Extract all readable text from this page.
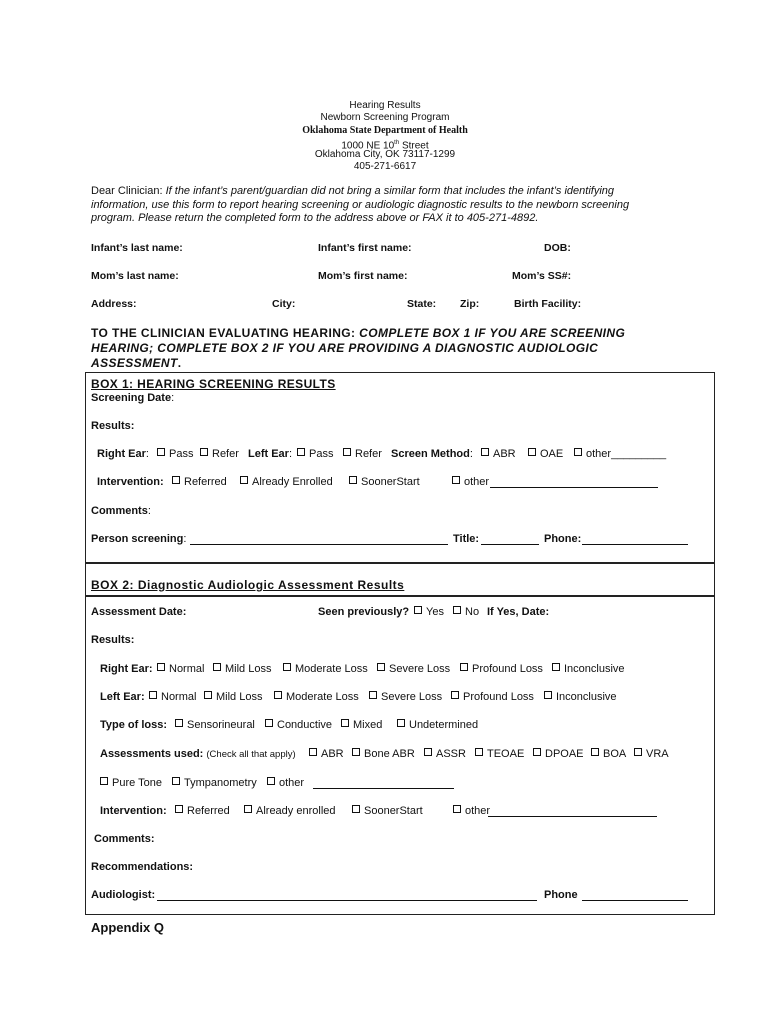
Hearing Results
Newborn Screening Program
Oklahoma State Department of Health
1000 NE 10th Street
Oklahoma City, OK 73117-1299
405-271-6617
Dear Clinician: If the infant’s parent/guardian did not bring a similar form that includes the infant’s identifying
information, use this form to report hearing screening or audiologic diagnostic results to the newborn screening
program. Please return the completed form to the address above or FAX it to 405-271-4892.
Infant’s last name:	Infant’s first name:	DOB:
Mom’s last name:	Mom’s first name:	Mom’s SS#:
Address:	City:	State: Zip:	Birth Facility:
TO THE CLINICIAN EVALUATING HEARING: COMPLETE BOX 1 IF YOU ARE SCREENING
HEARING; COMPLETE BOX 2 IF YOU ARE PROVIDING A DIAGNOSTIC AUDIOLOGIC
ASSESSMENT.
BOX 1: HEARING SCREENING RESULTS
Screening Date:
Results:
Right Ear:	Pass	Refer Left Ear:	Pass	Refer Screen Method:	ABR	OAE	other_________
Intervention:	Referred	Already Enrolled	SoonerStart	other
Comments:
Person screening:	Title:	Phone:
BOX 2: Diagnostic Audiologic Assessment Results
Assessment Date:	Seen previously?	Yes	No If Yes, Date:
Results:
Right Ear:	Normal	Mild Loss	Moderate Loss	Severe Loss	Profound Loss	Inconclusive
Left Ear:	Normal	Mild Loss	Moderate Loss	Severe Loss	Profound Loss	Inconclusive
Type of loss:	Sensorineural	Conductive	Mixed	Undetermined
Assessments used: (Check all that apply)	ABR	Bone ABR	ASSR	TEOAE	DPOAE	BOA	VRA
Pure Tone	Tympanometry	other
Intervention:	Referred	Already enrolled	SoonerStart	other
Comments:
Recommendations:
Audiologist:	Phone
Appendix Q
